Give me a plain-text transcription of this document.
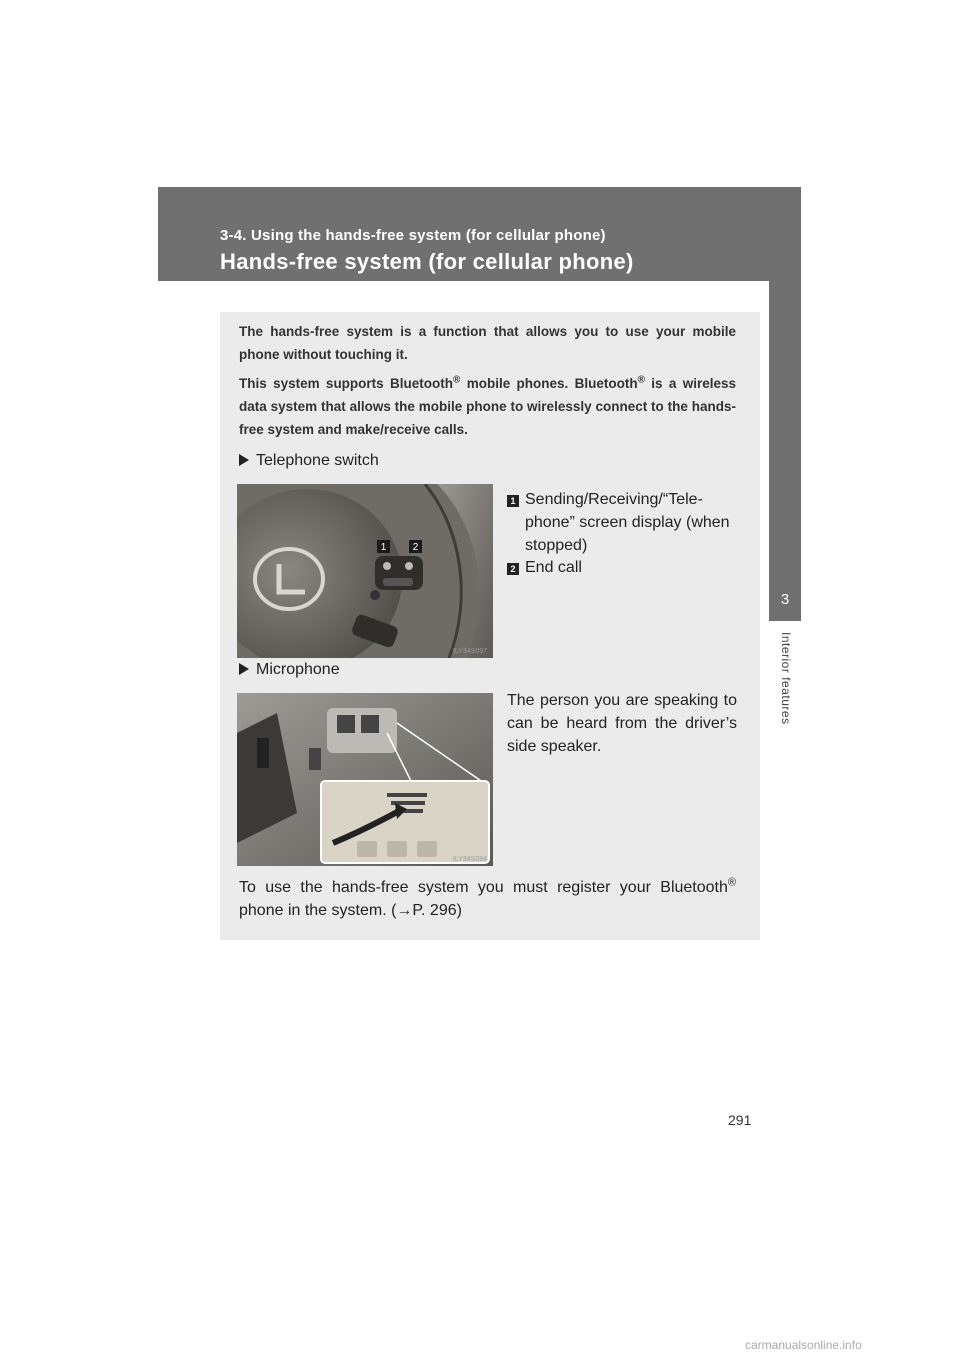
3-4. Using the hands-free system (for cellular phone)
Hands-free system (for cellular phone)
3
Interior features

The hands-free system is a function that allows you to use your mobile phone without touching it.

This system supports Bluetooth® mobile phones. Bluetooth® is a wireless data system that allows the mobile phone to wirelessly connect to the hands-free system and make/receive calls.

Telephone switch
1	2
ILY34S097
1 Sending/Receiving/“Tele-phone” screen display (when stopped)
2 End call
Microphone
ILY34S094

The person you are speaking to can be heard from the driver’s side speaker.

To use the hands-free system you must register your Bluetooth® phone in the system. (→P. 296)

291
carmanualsonline.info
